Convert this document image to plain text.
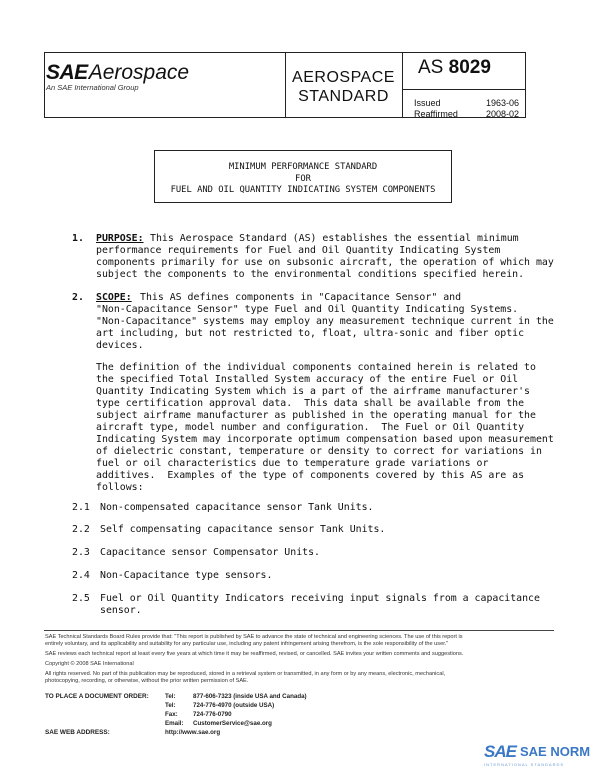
SAEAerospace
An SAE International Group
AEROSPACE
STANDARD
AS 8029
Issued	1963-06
Reaffirmed	2008-02
MINIMUM PERFORMANCE STANDARD
FOR
FUEL AND OIL QUANTITY INDICATING SYSTEM COMPONENTS
1. PURPOSE: This Aerospace Standard (AS) establishes the essential minimum
performance requirements for Fuel and Oil Quantity Indicating System
components primarily for use on subsonic aircraft, the operation of which may
subject the components to the environmental conditions specified herein.
2. SCOPE: This AS defines components in "Capacitance Sensor" and
"Non-Capacitance Sensor" type Fuel and Oil Quantity Indicating Systems.
"Non-Capacitance" systems may employ any measurement technique current in the
art including, but not restricted to, float, ultra-sonic and fiber optic
devices.
The definition of the individual components contained herein is related to
the specified Total Installed System accuracy of the entire Fuel or Oil
Quantity Indicating System which is a part of the airframe manufacturer's
type certification approval data.  This data shall be available from the
subject airframe manufacturer as published in the operating manual for the
aircraft type, model number and configuration.  The Fuel or Oil Quantity
Indicating System may incorporate optimum compensation based upon measurement
of dielectric constant, temperature or density to correct for variations in
fuel or oil characteristics due to temperature grade variations or
additives.  Examples of the type of components covered by this AS are as
follows:
2.1 Non-compensated capacitance sensor Tank Units.
2.2 Self compensating capacitance sensor Tank Units.
2.3 Capacitance sensor Compensator Units.
2.4 Non-Capacitance type sensors.
2.5 Fuel or Oil Quantity Indicators receiving input signals from a capacitance
sensor.
SAE Technical Standards Board Rules provide that: "This report is published by SAE to advance the state of technical and engineering sciences. The use of this report is
entirely voluntary, and its applicability and suitability for any particular use, including any patent infringement arising therefrom, is the sole responsibility of the user."
SAE reviews each technical report at least every five years at which time it may be reaffirmed, revised, or cancelled. SAE invites your written comments and suggestions.
Copyright © 2008 SAE International
All rights reserved. No part of this publication may be reproduced, stored in a retrieval system or transmitted, in any form or by any means, electronic, mechanical,
photocopying, recording, or otherwise, without the prior written permission of SAE.
TO PLACE A DOCUMENT ORDER:	Tel:	877-606-7323 (inside USA and Canada)
Tel:	724-776-4970 (outside USA)
Fax: 724-776-0790
Email: CustomerService@sae.org
SAE WEB ADDRESS:	http://www.sae.org
SAE SAE NORM
INTERNATIONAL STANDARDS
